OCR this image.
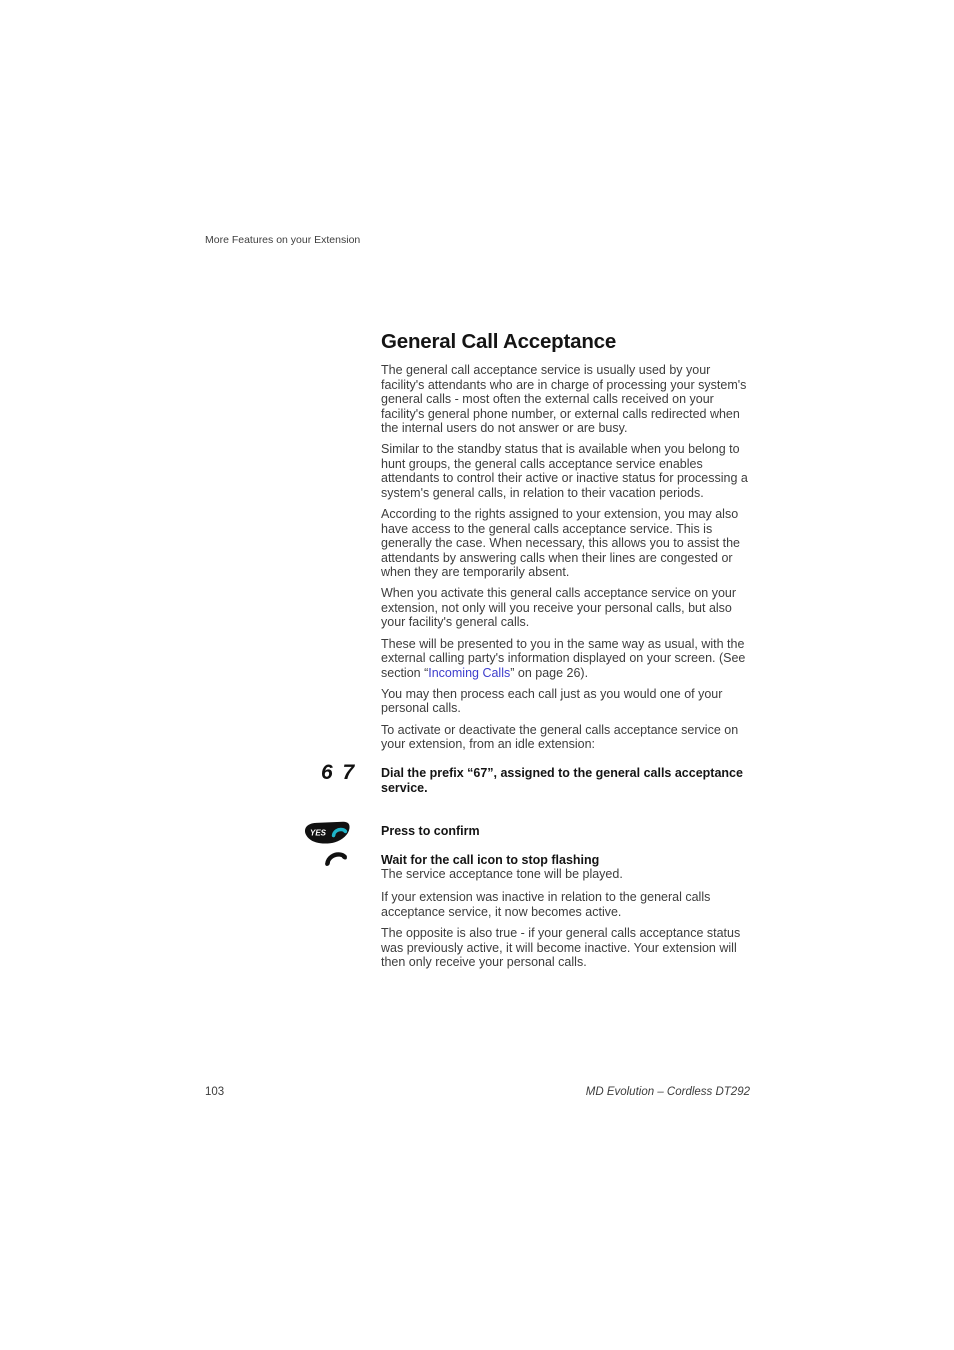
More Features on your Extension
General Call Acceptance

The general call acceptance service is usually used by your facility's attendants who are in charge of processing your system's general calls - most often the external calls received on your facility's general phone number, or external calls redirected when the internal users do not answer or are busy.

Similar to the standby status that is available when you belong to hunt groups, the general calls acceptance service enables attendants to control their active or inactive status for processing a system's general calls, in relation to their vacation periods.

According to the rights assigned to your extension, you may also have access to the general calls acceptance service. This is generally the case. When necessary, this allows you to assist the attendants by answering calls when their lines are congested or when they are temporarily absent.

When you activate this general calls acceptance service on your extension, not only will you receive your personal calls, but also your facility's general calls.

These will be presented to you in the same way as usual, with the external calling party's information displayed on your screen. (See section “Incoming Calls” on page 26).

You may then process each call just as you would one of your personal calls.

To activate or deactivate the general calls acceptance service on your extension, from an idle extension:

Dial the prefix “67”, assigned to the general calls acceptance service.

Press to confirm

Wait for the call icon to stop flashing

The service acceptance tone will be played.

If your extension was inactive in relation to the general calls acceptance service, it now becomes active.

The opposite is also true - if your general calls acceptance status was previously active, it will become inactive. Your extension will then only receive your personal calls.

6 7
YES
103	MD Evolution – Cordless DT292
